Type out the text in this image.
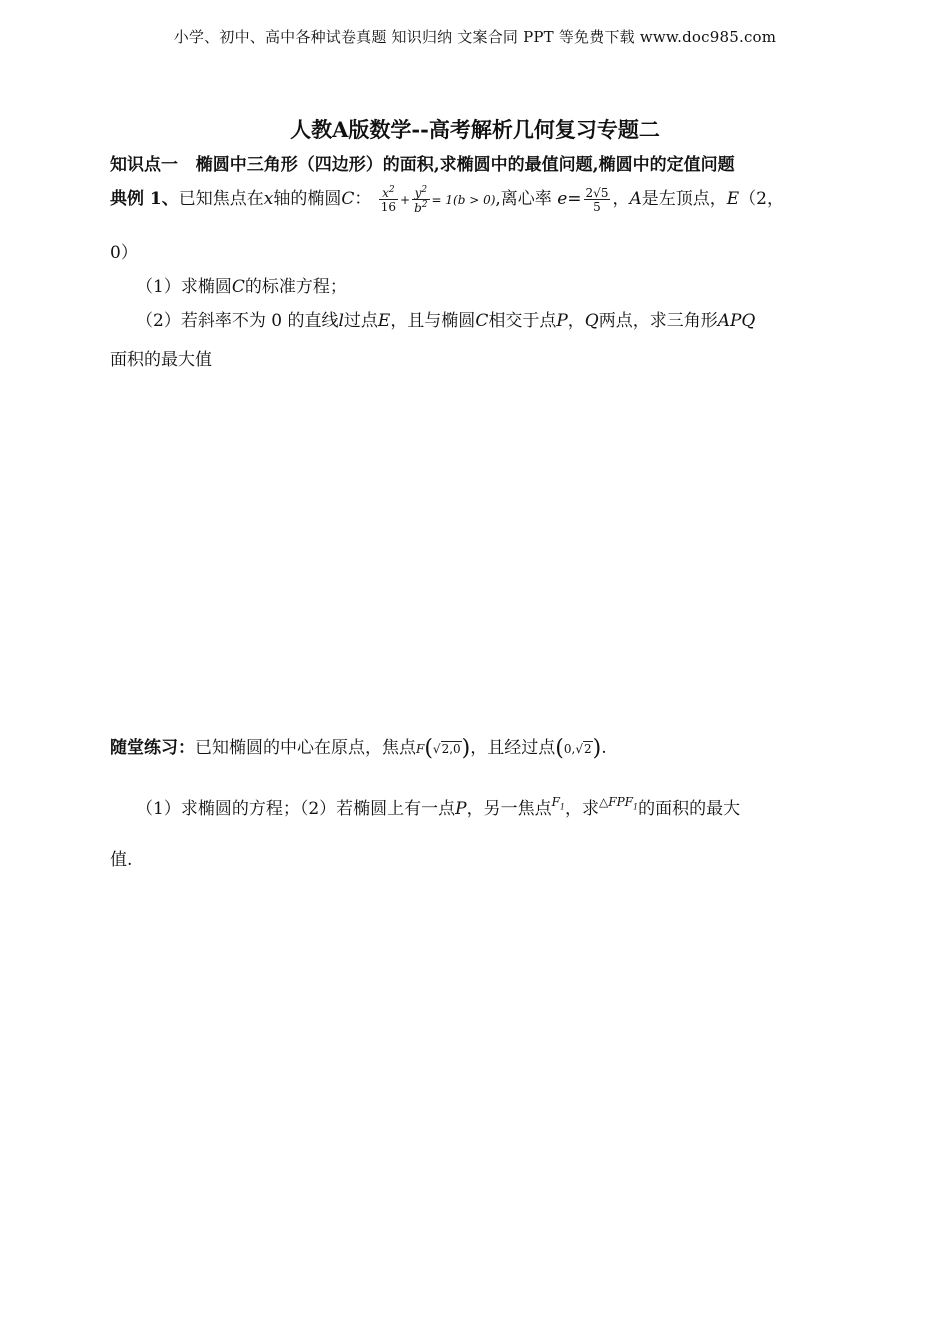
小学、初中、高中各种试卷真题 知识归纳 文案合同 PPT 等免费下载 www.doc985.com
人教A版数学--高考解析几何复习专题二
知识点一 椭圆中三角形（四边形）的面积,求椭圆中的最值问题,椭圆中的定值问题
典例 1、已知焦点在x轴的椭圆C： $\frac{x^2}{16} + \frac{y^2}{b^2} = 1(b > 0)$,离心率 $e= \frac{2√5}{5}$ ，A是左顶点，E（2，
0）
（1）求椭圆C的标准方程；
（2）若斜率不为 0 的直线l过点E，且与椭圆C相交于点P，Q两点，求三角形APQ
面积的最大值
随堂练习：已知椭圆的中心在原点，焦点F(√2,0)，且经过点(0,√2).
（1）求椭圆的方程；（2）若椭圆上有一点P，另一焦点$^{F_1}$，求$^{\triangle FPF_1}$的面积的最大
值.
